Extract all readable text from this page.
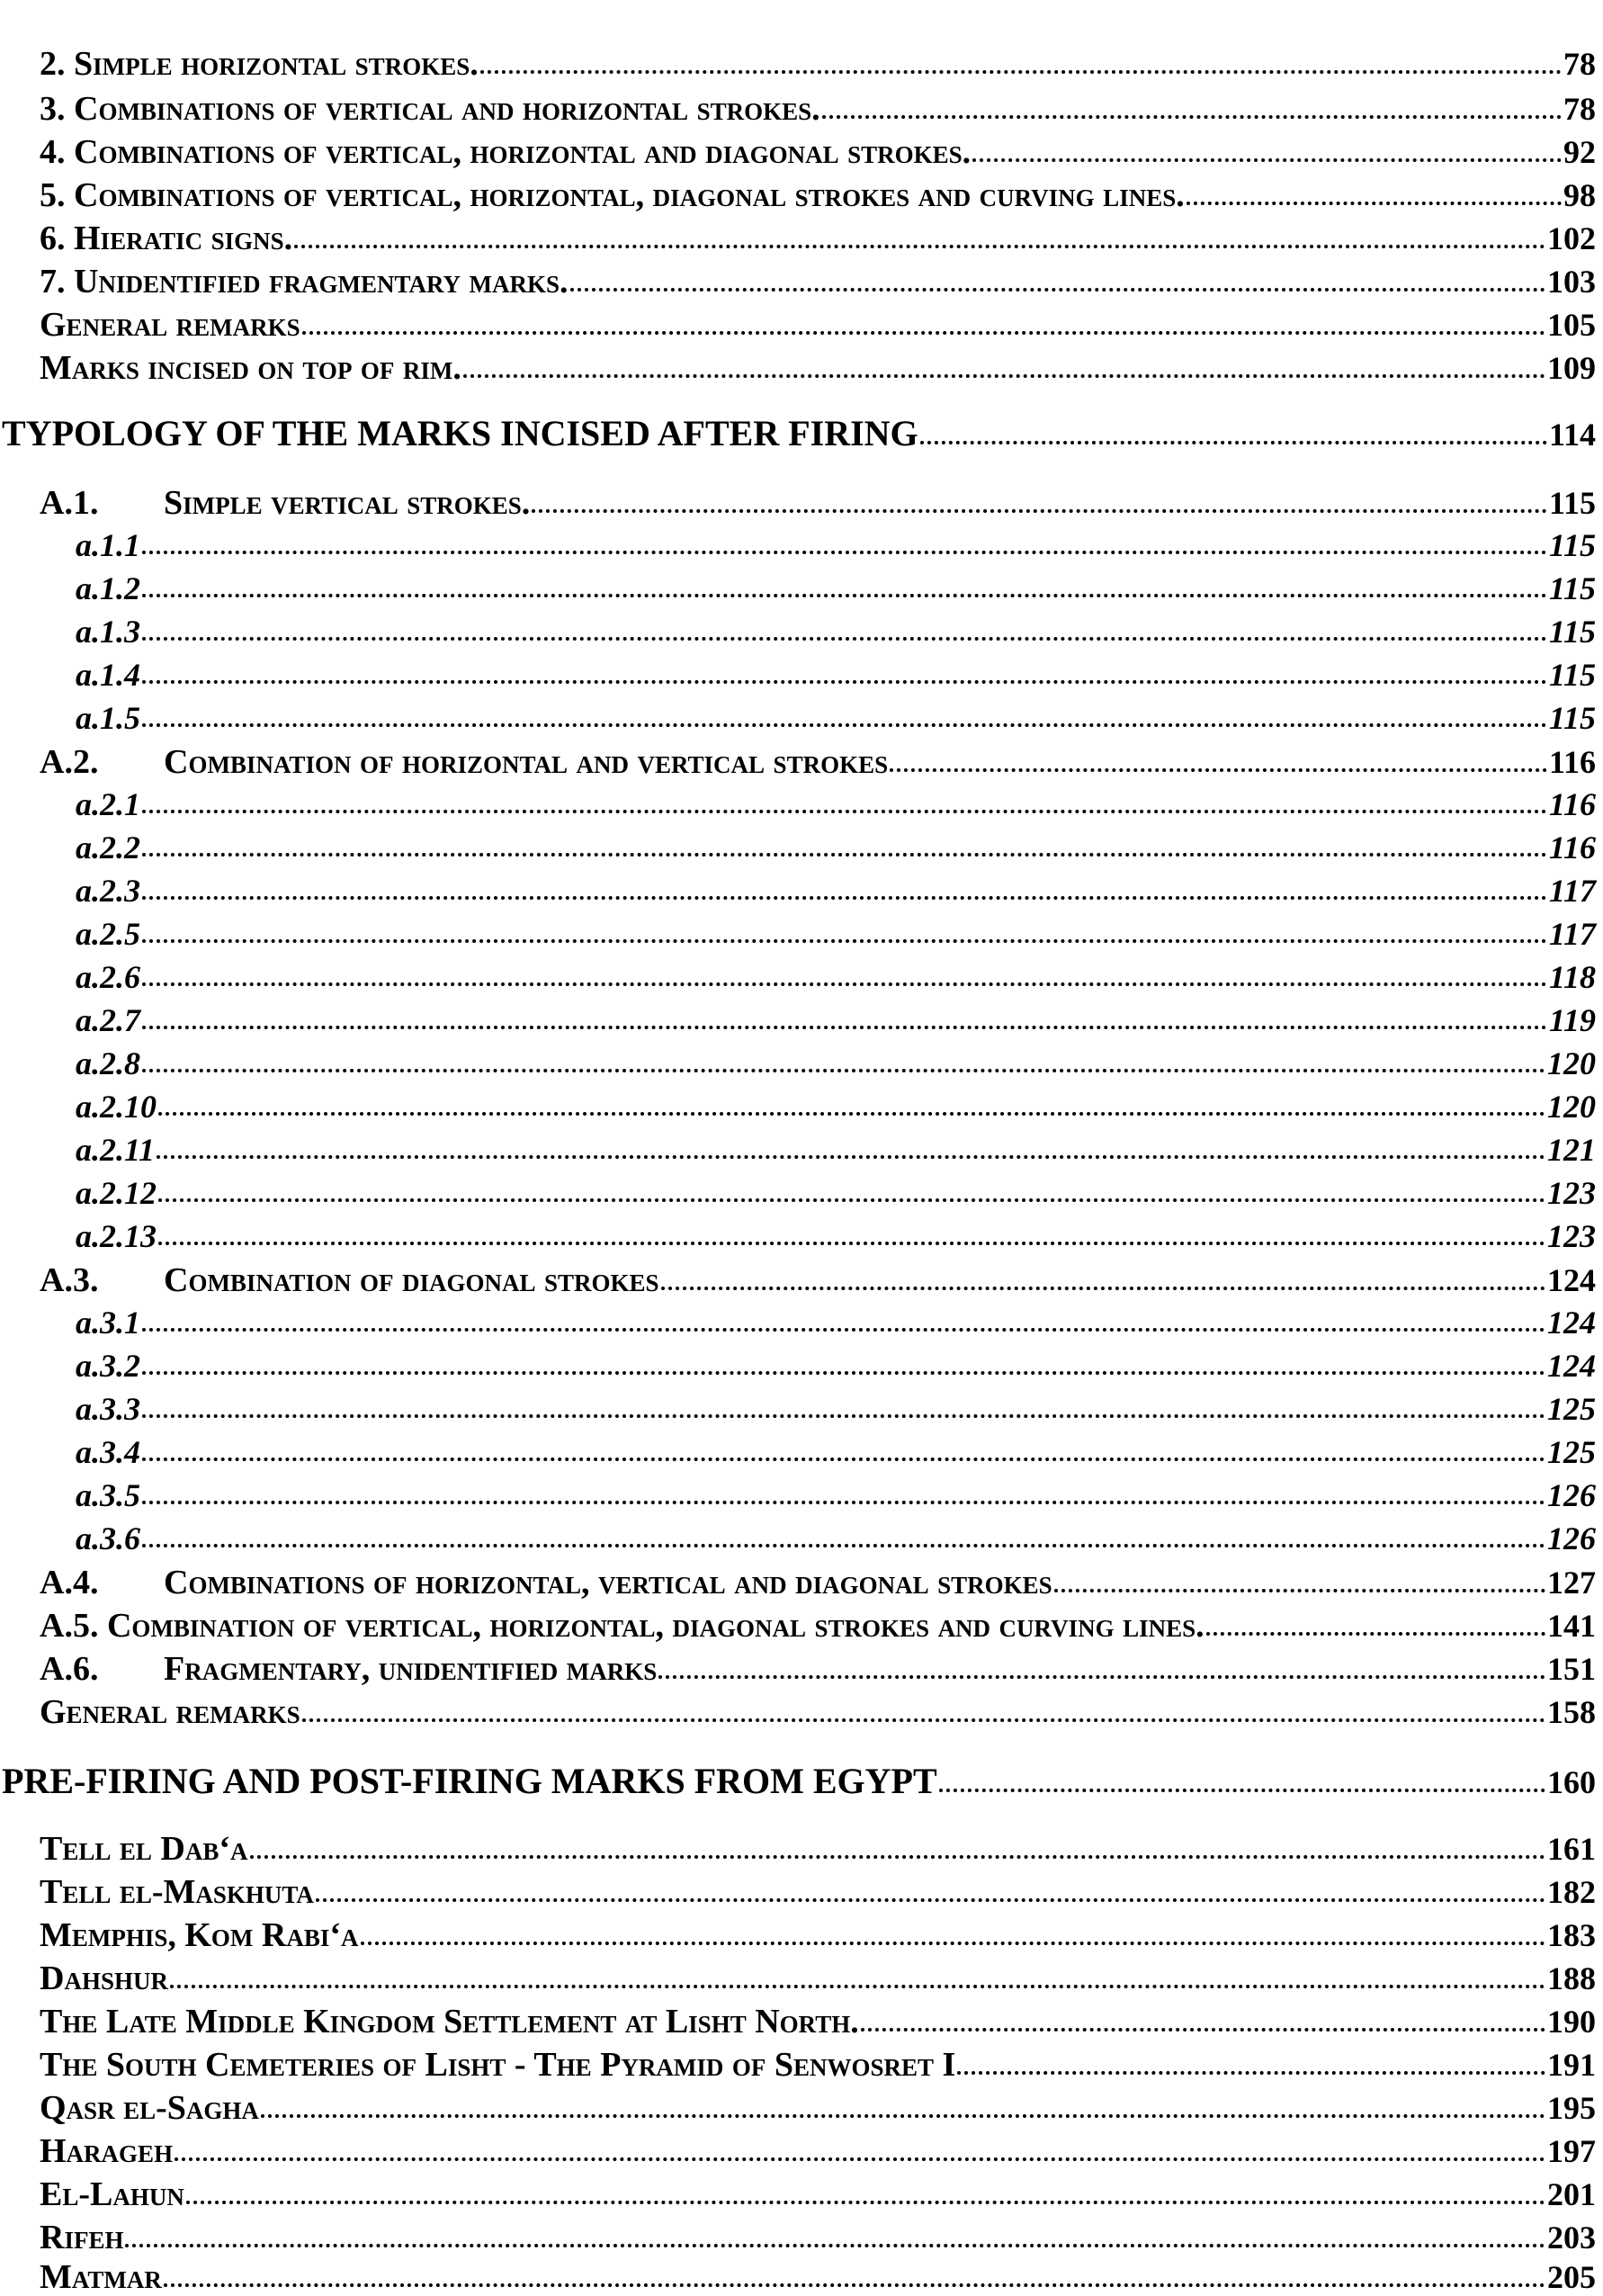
2. Simple horizontal strokes.	78
3. Combinations of vertical and horizontal strokes.	78
4. Combinations of vertical, horizontal and diagonal strokes.	92
5. Combinations of vertical, horizontal, diagonal strokes and curving lines.	98
6. Hieratic signs.	102
7. Unidentified fragmentary marks.	103
General remarks	105
Marks incised on top of rim.	109
TYPOLOGY OF THE MARKS INCISED AFTER FIRING	114
A.1. Simple vertical strokes.	115
a.1.1	115
a.1.2	115
a.1.3	115
a.1.4	115
a.1.5	115
A.2. Combination of horizontal and vertical strokes	116
a.2.1	116
a.2.2	116
a.2.3	117
a.2.5	117
a.2.6	118
a.2.7	119
a.2.8	120
a.2.10	120
a.2.11	121
a.2.12	123
a.2.13	123
A.3. Combination of diagonal strokes	124
a.3.1	124
a.3.2	124
a.3.3	125
a.3.4	125
a.3.5	126
a.3.6	126
A.4. Combinations of horizontal, vertical and diagonal strokes	127
A.5. Combination of vertical, horizontal, diagonal strokes and curving lines.	141
A.6. Fragmentary, unidentified marks	151
General remarks	158
PRE-FIRING AND POST-FIRING MARKS FROM EGYPT	160
Tell el Dab‘a	161
Tell el-Maskhuta	182
Memphis, Kom Rabi‘a	183
Dahshur	188
The Late Middle Kingdom Settlement at Lisht North.	190
The South Cemeteries of Lisht - The Pyramid of Senwosret I	191
Qasr el-Sagha	195
Harageh	197
El-Lahun	201
Rifeh	203
Matmar	205
